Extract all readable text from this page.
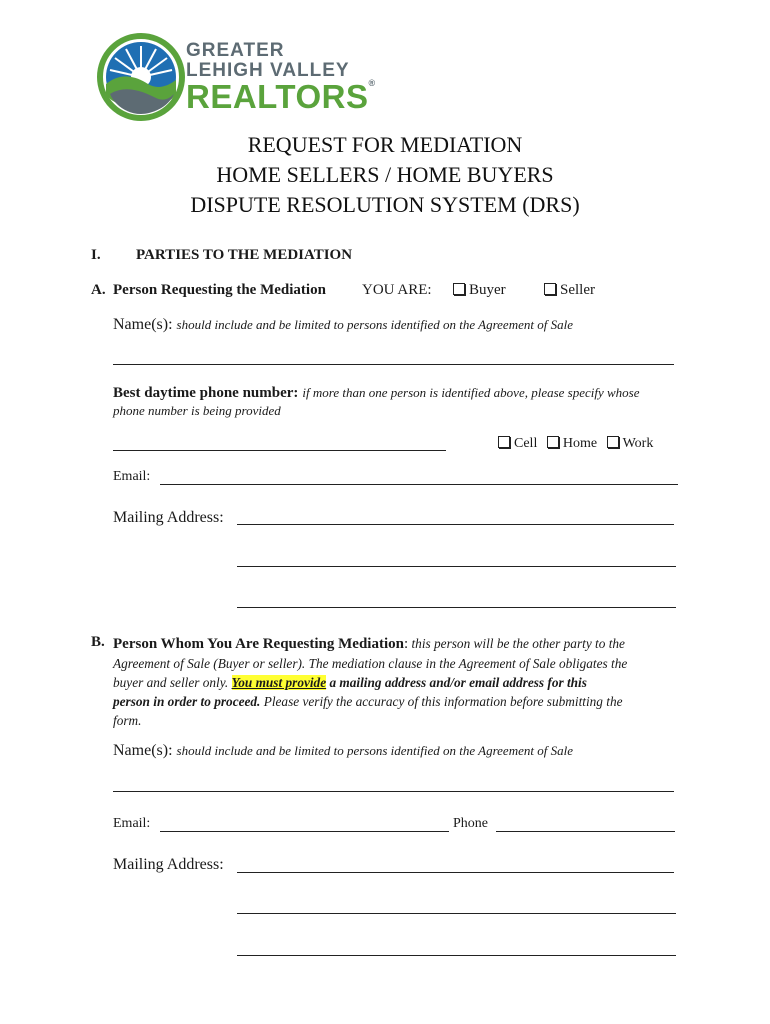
GREATER
LEHIGH VALLEY
REALTORS®
REQUEST FOR MEDIATION
HOME SELLERS / HOME BUYERS
DISPUTE RESOLUTION SYSTEM (DRS)
I. PARTIES TO THE MEDIATION
A. Person Requesting the Mediation YOU ARE:	Buyer	Seller
Name(s): should include and be limited to persons identified on the Agreement of Sale
Best daytime phone number: if more than one person is identified above, please specify whose
phone number is being provided
Cell Home Work
Email:
Mailing Address:
B. Person Whom You Are Requesting Mediation: this person will be the other party to the
Agreement of Sale (Buyer or seller). The mediation clause in the Agreement of Sale obligates the
buyer and seller only. You must provide a mailing address and/or email address for this
person in order to proceed. Please verify the accuracy of this information before submitting the
form.
Name(s): should include and be limited to persons identified on the Agreement of Sale
Email:	Phone
Mailing Address:
